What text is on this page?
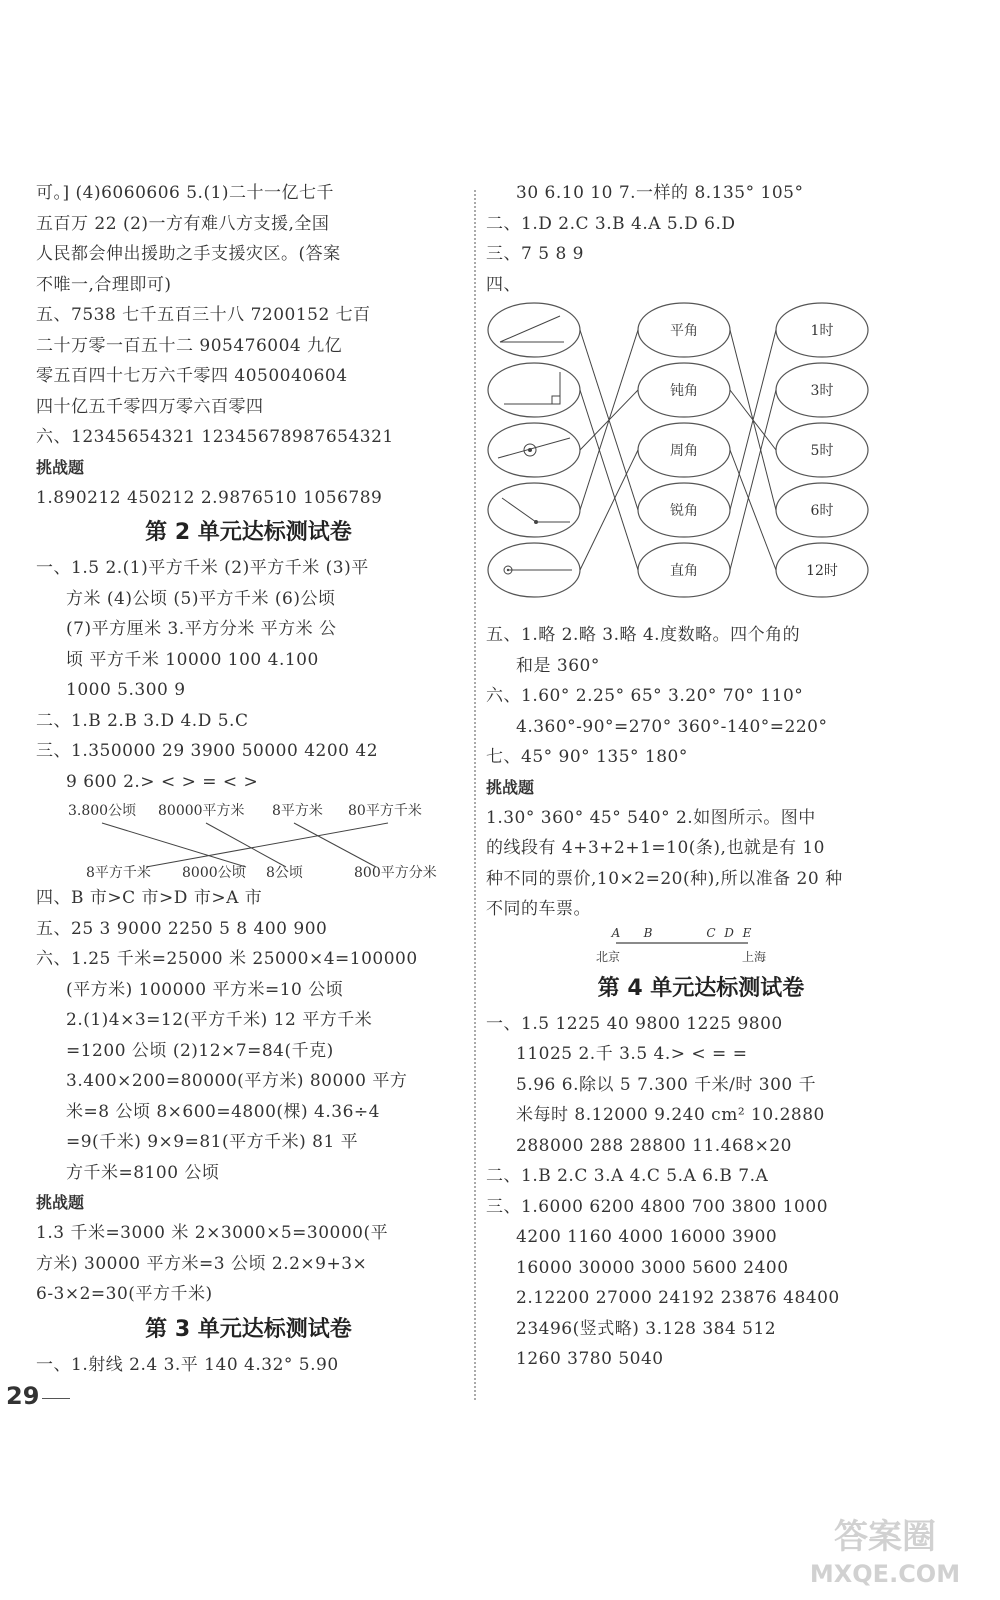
可。] (4)6060606 5.(1)二十一亿七千
五百万 22 (2)一方有难八方支援,全国
人民都会伸出援助之手支援灾区。(答案
不唯一,合理即可)
五、7538 七千五百三十八 7200152 七百
二十万零一百五十二 905476004 九亿
零五百四十七万六千零四 4050040604
四十亿五千零四万零六百零四
六、12345654321 12345678987654321
挑战题
1.890212 450212 2.9876510 1056789
第 2 单元达标测试卷
一、1.5 2.(1)平方千米 (2)平方千米 (3)平
方米 (4)公顷 (5)平方千米 (6)公顷
(7)平方厘米 3.平方分米 平方米 公
顷 平方千米 10000 100 4.100
1000 5.300 9
二、1.B 2.B 3.D 4.D 5.C
三、1.350000 29 3900 50000 4200 42
9 600 2.> < > = < >
3.800公顷 80000平方米 8平方米 80平方千米
8平方千米 8000公顷 8公顷	800平方分米
四、B 市>C 市>D 市>A 市
五、25 3 9000 2250 5 8 400 900
六、1.25 千米=25000 米 25000×4=100000
(平方米) 100000 平方米=10 公顷
2.(1)4×3=12(平方千米) 12 平方千米
=1200 公顷 (2)12×7=84(千克)
3.400×200=80000(平方米) 80000 平方
米=8 公顷 8×600=4800(棵) 4.36÷4
=9(千米) 9×9=81(平方千米) 81 平
方千米=8100 公顷
挑战题
1.3 千米=3000 米 2×3000×5=30000(平
方米) 30000 平方米=3 公顷 2.2×9+3×
6-3×2=30(平方千米)
第 3 单元达标测试卷
一、1.射线 2.4 3.平 140 4.32° 5.90
30 6.10 10 7.一样的 8.135° 105°
二、1.D 2.C 3.B 4.A 5.D 6.D
三、7 5 8 9
四、
平角
钝角
周角
锐角
直角
1时
3时
5时
6时
12时
五、1.略 2.略 3.略 4.度数略。四个角的
和是 360°
六、1.60° 2.25° 65° 3.20° 70° 110°
4.360°-90°=270° 360°-140°=220°
七、45° 90° 135° 180°
挑战题
1.30° 360° 45° 540° 2.如图所示。图中
的线段有 4+3+2+1=10(条),也就是有 10
种不同的票价,10×2=20(种),所以准备 20 种
不同的车票。
A B	C D E
北京	上海
第 4 单元达标测试卷
一、1.5 1225 40 9800 1225 9800
11025 2.千 3.5 4.> < = =
5.96 6.除以 5 7.300 千米/时 300 千
米每时 8.12000 9.240 cm² 10.2880
288000 288 28800 11.468×20
二、1.B 2.C 3.A 4.C 5.A 6.B 7.A
三、1.6000 6200 4800 700 3800 1000
4200 1160 4000 16000 3900
16000 30000 3000 5600 2400
2.12200 27000 24192 23876 48400
23496(竖式略) 3.128 384 512
1260 3780 5040
29
答案圈
MXQE.COM
